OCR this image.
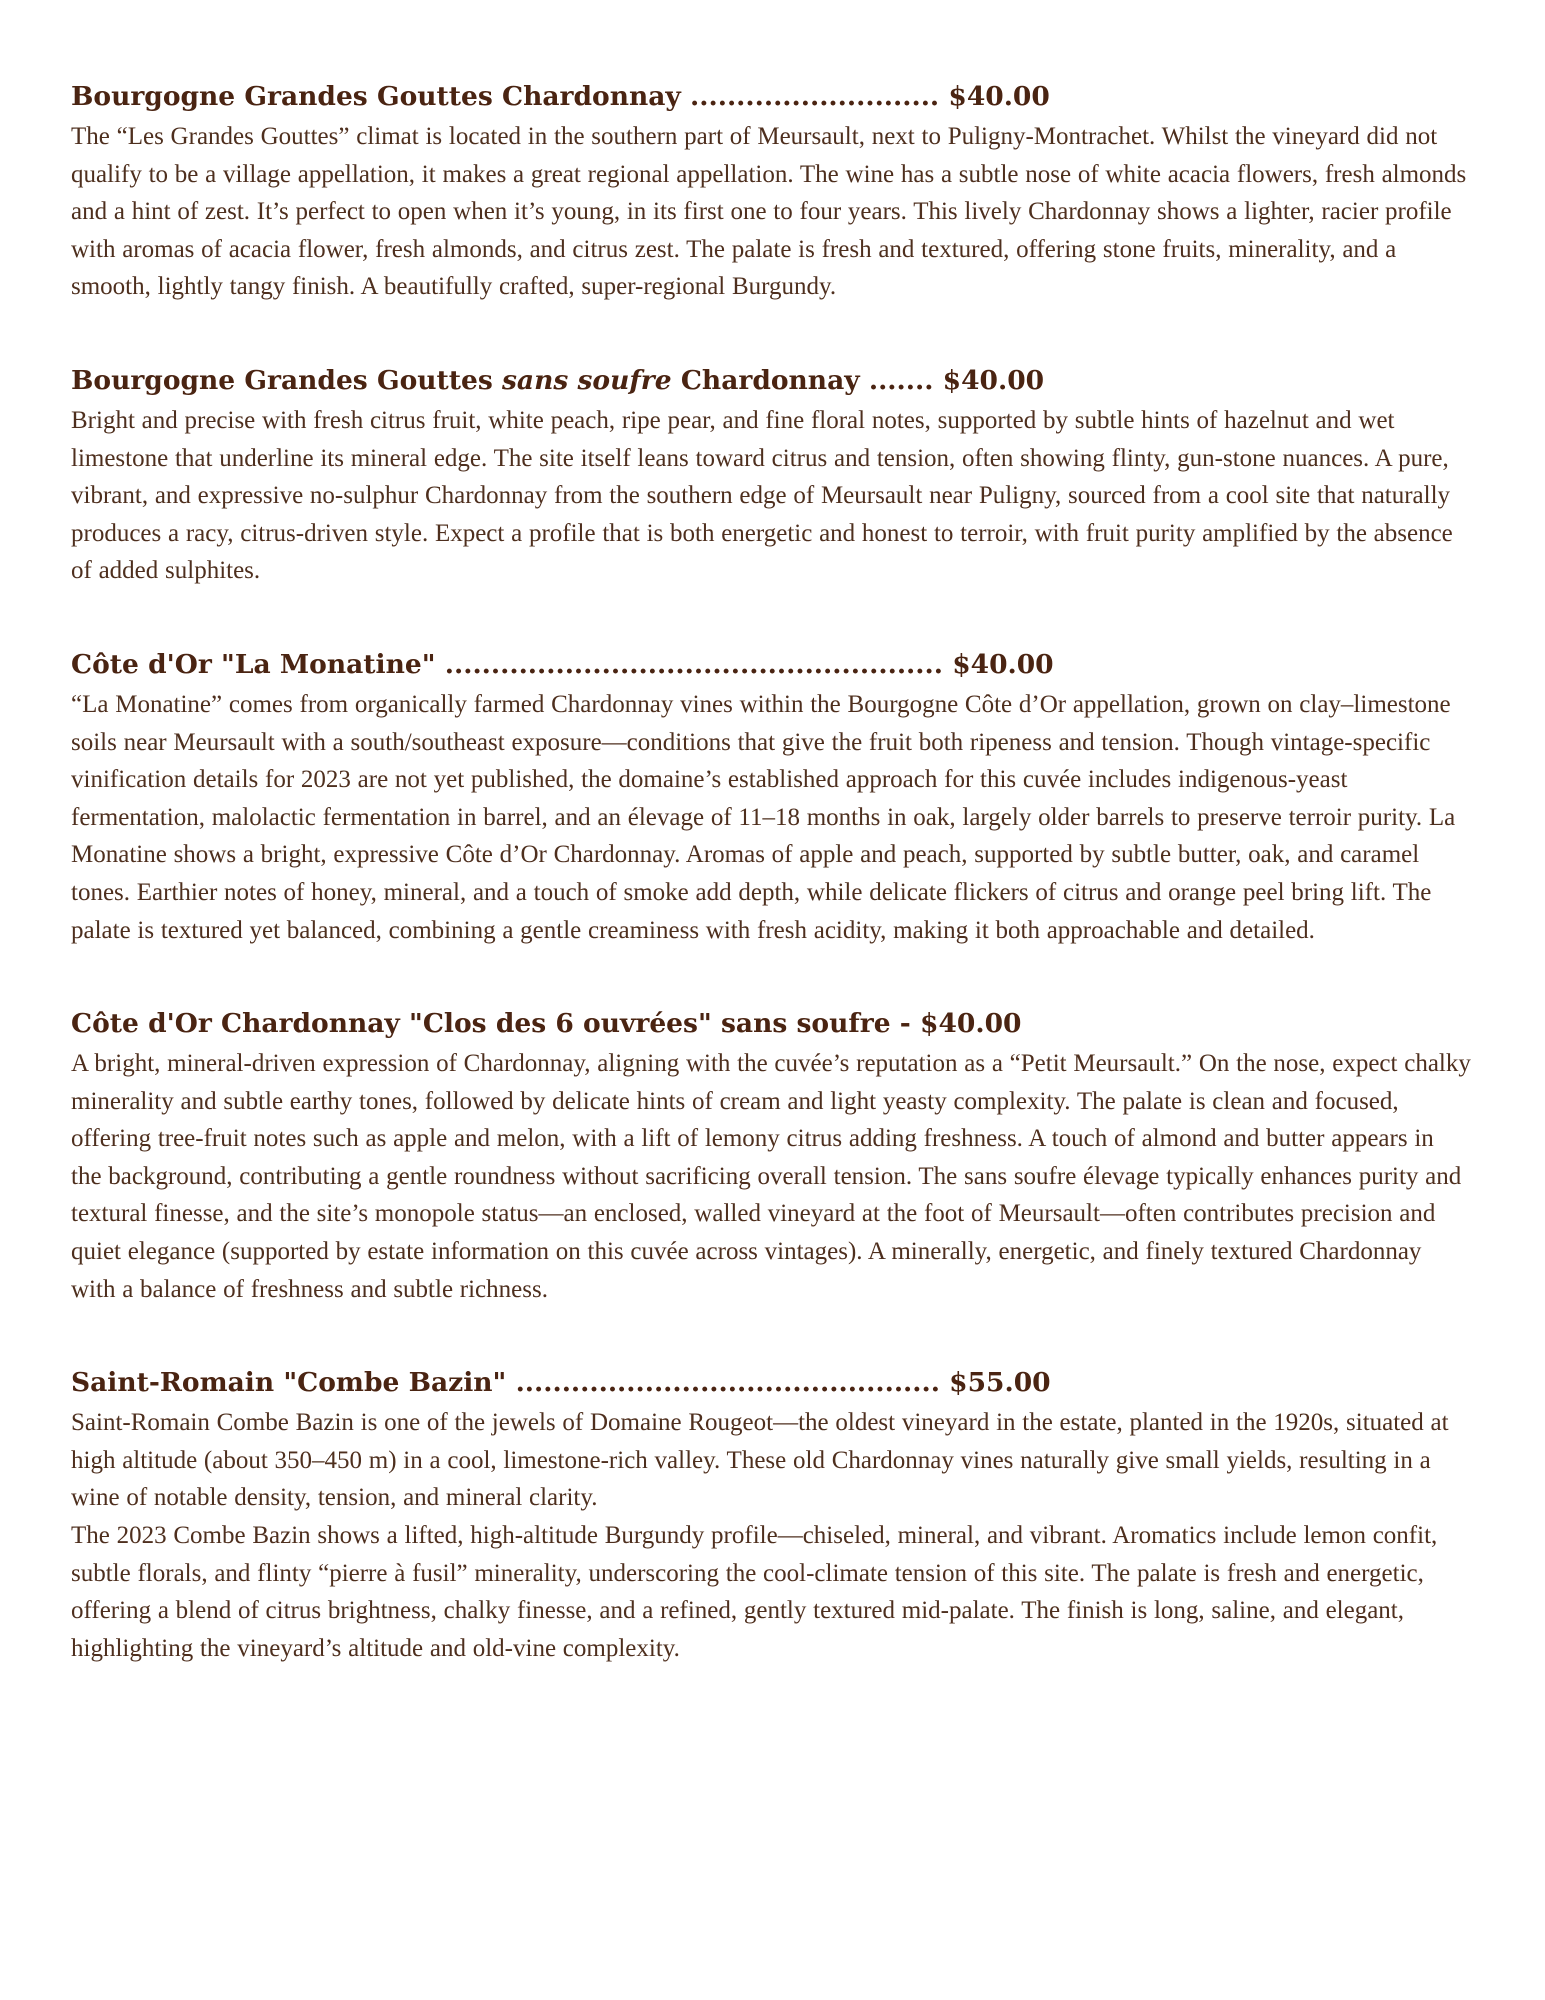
Bourgogne Grandes Gouttes Chardonnay ........................... $40.00

The “Les Grandes Gouttes” climat is located in the southern part of Meursault, next to Puligny-Montrachet. Whilst the vineyard did not qualify to be a village appellation, it makes a great regional appellation. The wine has a subtle nose of white acacia flowers, fresh almonds and a hint of zest. It’s perfect to open when it’s young, in its first one to four years. This lively Chardonnay shows a lighter, racier profile with aromas of acacia flower, fresh almonds, and citrus zest. The palate is fresh and textured, offering stone fruits, minerality, and a smooth, lightly tangy finish. A beautifully crafted, super-regional Burgundy.

Bourgogne Grandes Gouttes sans soufre Chardonnay ....... $40.00

Bright and precise with fresh citrus fruit, white peach, ripe pear, and fine floral notes, supported by subtle hints of hazelnut and wet limestone that underline its mineral edge. The site itself leans toward citrus and tension, often showing flinty, gun-stone nuances. A pure, vibrant, and expressive no-sulphur Chardonnay from the southern edge of Meursault near Puligny, sourced from a cool site that naturally produces a racy, citrus-driven style. Expect a profile that is both energetic and honest to terroir, with fruit purity amplified by the absence of added sulphites.

Côte d'Or "La Monatine" ...................................................... $40.00

“La Monatine” comes from organically farmed Chardonnay vines within the Bourgogne Côte d’Or appellation, grown on clay–limestone soils near Meursault with a south/southeast exposure—conditions that give the fruit both ripeness and tension. Though vintage-specific vinification details for 2023 are not yet published, the domaine’s established approach for this cuvée includes indigenous-yeast fermentation, malolactic fermentation in barrel, and an élevage of 11–18 months in oak, largely older barrels to preserve terroir purity. La Monatine shows a bright, expressive Côte d’Or Chardonnay. Aromas of apple and peach, supported by subtle butter, oak, and caramel tones. Earthier notes of honey, mineral, and a touch of smoke add depth, while delicate flickers of citrus and orange peel bring lift. The palate is textured yet balanced, combining a gentle creaminess with fresh acidity, making it both approachable and detailed.

Côte d'Or Chardonnay "Clos des 6 ouvrées" sans soufre - $40.00

A bright, mineral-driven expression of Chardonnay, aligning with the cuvée’s reputation as a “Petit Meursault.” On the nose, expect chalky minerality and subtle earthy tones, followed by delicate hints of cream and light yeasty complexity. The palate is clean and focused, offering tree-fruit notes such as apple and melon, with a lift of lemony citrus adding freshness. A touch of almond and butter appears in the background, contributing a gentle roundness without sacrificing overall tension. The sans soufre élevage typically enhances purity and textural finesse, and the site’s monopole status—an enclosed, walled vineyard at the foot of Meursault—often contributes precision and quiet elegance (supported by estate information on this cuvée across vintages). A minerally, energetic, and finely textured Chardonnay with a balance of freshness and subtle richness.

Saint-Romain "Combe Bazin" .............................................. $55.00

Saint-Romain Combe Bazin is one of the jewels of Domaine Rougeot—the oldest vineyard in the estate, planted in the 1920s, situated at high altitude (about 350–450 m) in a cool, limestone-rich valley. These old Chardonnay vines naturally give small yields, resulting in a wine of notable density, tension, and mineral clarity.
The 2023 Combe Bazin shows a lifted, high-altitude Burgundy profile—chiseled, mineral, and vibrant. Aromatics include lemon confit, subtle florals, and flinty “pierre à fusil” minerality, underscoring the cool-climate tension of this site. The palate is fresh and energetic, offering a blend of citrus brightness, chalky finesse, and a refined, gently textured mid-palate. The finish is long, saline, and elegant, highlighting the vineyard’s altitude and old-vine complexity.
